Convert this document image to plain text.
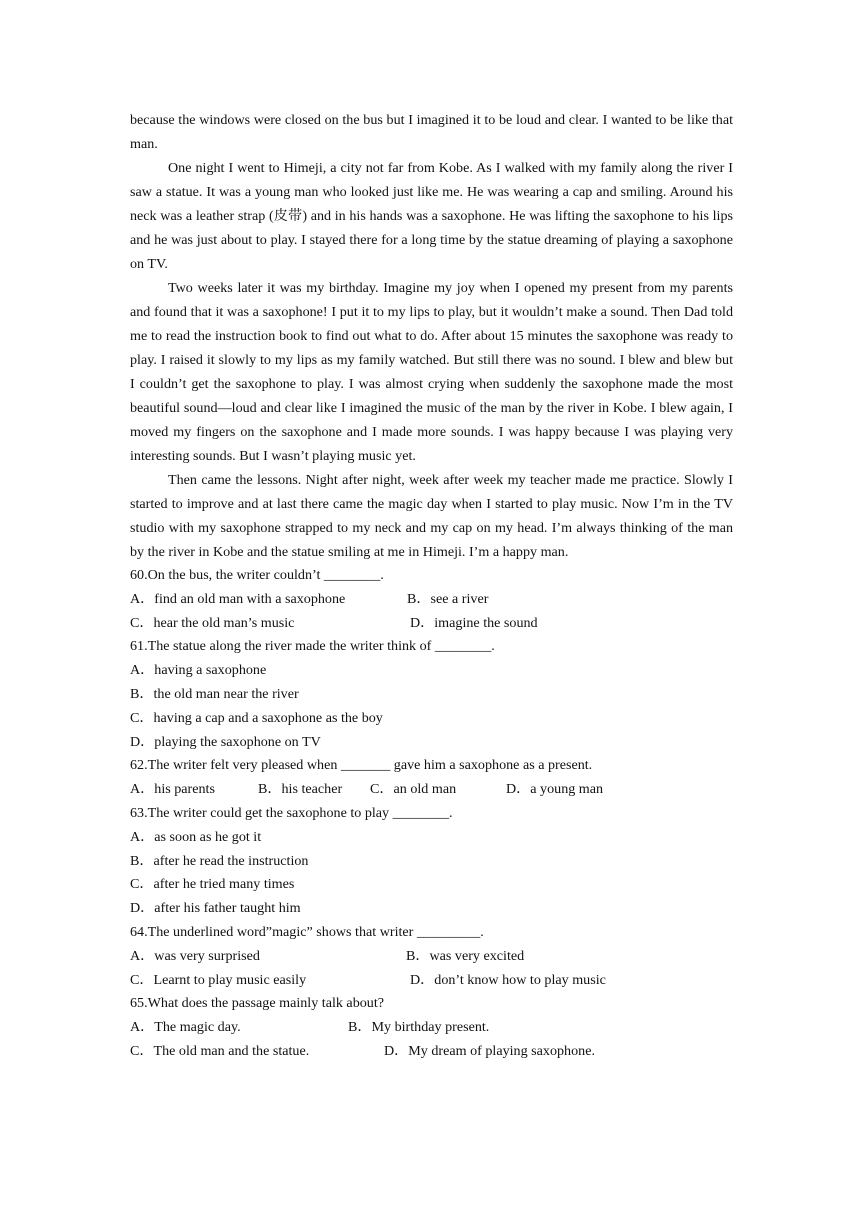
because the windows were closed on the bus but I imagined it to be loud and clear. I wanted to be like that man.

One night I went to Himeji, a city not far from Kobe. As I walked with my family along the river I saw a statue. It was a young man who looked just like me. He was wearing a cap and smiling. Around his neck was a leather strap (皮带) and in his hands was a saxophone. He was lifting the saxophone to his lips and he was just about to play. I stayed there for a long time by the statue dreaming of playing a saxophone on TV.

Two weeks later it was my birthday. Imagine my joy when I opened my present from my parents and found that it was a saxophone! I put it to my lips to play, but it wouldn’t make a sound. Then Dad told me to read the instruction book to find out what to do. After about 15 minutes the saxophone was ready to play. I raised it slowly to my lips as my family watched. But still there was no sound. I blew and blew but I couldn’t get the saxophone to play. I was almost crying when suddenly the saxophone made the most beautiful sound—loud and clear like I imagined the music of the man by the river in Kobe. I blew again, I moved my fingers on the saxophone and I made more sounds. I was happy because I was playing very interesting sounds. But I wasn’t playing music yet.

Then came the lessons. Night after night, week after week my teacher made me practice. Slowly I started to improve and at last there came the magic day when I started to play music. Now I’m in the TV studio with my saxophone strapped to my neck and my cap on my head. I’m always thinking of the man by the river in Kobe and the statue smiling at me in Himeji. I’m a happy man.

60.On the bus, the writer couldn’t ________.

A．find an old man with a saxophone	B．see a river
C．hear the old man’s music	D．imagine the sound

61.The statue along the river made the writer think of ________.

A．having a saxophone

B．the old man near the river

C．having a cap and a saxophone as the boy

D．playing the saxophone on TV

62.The writer felt very pleased when _______ gave him a saxophone as a present.

A．his parents	B．his teacher C．an old man	D．a young man

63.The writer could get the saxophone to play ________.

A．as soon as he got it

B．after he read the instruction

C．after he tried many times

D．after his father taught him

64.The underlined word”magic” shows that writer _________.

A．was very surprised	B．was very excited
C．Learnt to play music easily	D．don’t know how to play music

65.What does the passage mainly talk about?

A．The magic day.	B．My birthday present.
C．The old man and the statue.	D．My dream of playing saxophone.
